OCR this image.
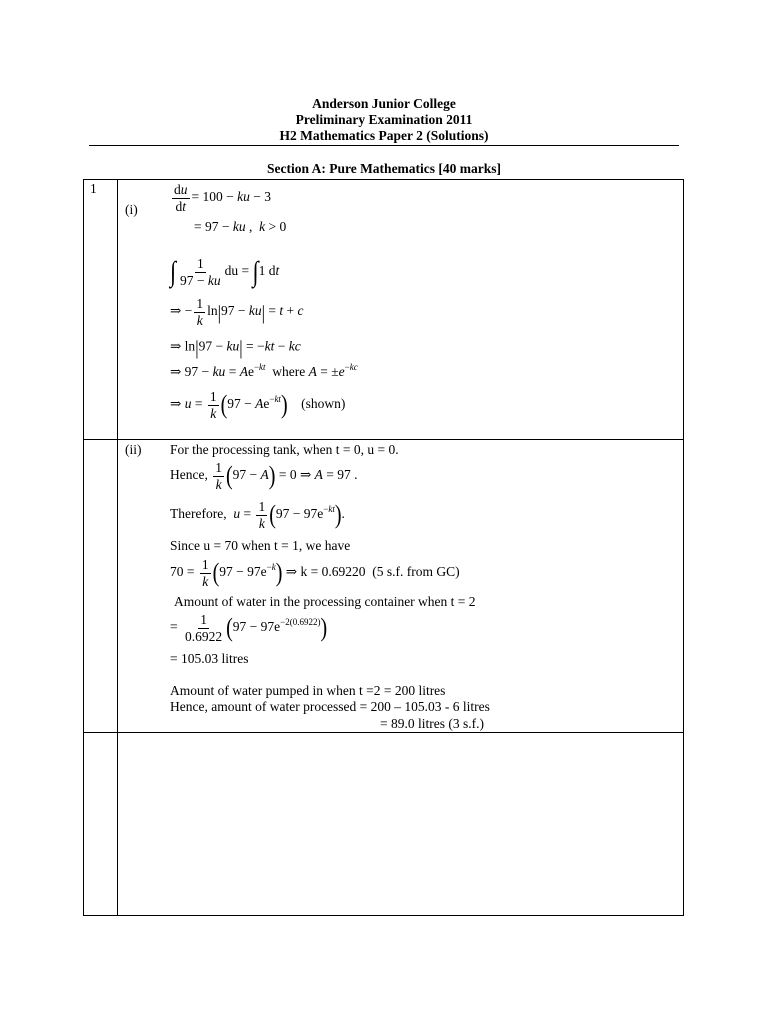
Anderson Junior College
Preliminary Examination 2011
H2 Mathematics Paper 2 (Solutions)
Section A: Pure Mathematics [40 marks]
1
(i)	$\frac{du}{dt} = 100$ − ku − 3
= 97 − ku ,  k > 0
∫ $\frac{1}{97 - ku}$ du = ∫1 dt
⇒ − $\frac{1}{k} \ln|97 - ku| = t + c$
⇒ ln|97 − ku| = −kt − kc
⇒ 97 − ku = $Ae^{-kt}$ where $A = \pm e^{-kc}$
⇒ $u = \frac{1}{k} (97 - Ae^{-kt})$ (shown)
(ii) For the processing tank, when t = 0, u = 0.
Hence, $\frac{1}{k} (97 - A) = 0$ ⇒ A = 97 .
Therefore, $u = \frac{1}{k} (97 - 97e^{-kt})$.
Since u = 70 when t = 1, we have
$70 = \frac{1}{k} (97 - 97e^{-k})$ ⇒ k = 0.69220 (5 s.f. from GC)
Amount of water in the processing container when t = 2
= $\frac{1}{0.6922} (97 - 97e^{-2(0.6922)})$
= 105.03 litres
Amount of water pumped in when t =2 = 200 litres
Hence, amount of water processed = 200 – 105.03 - 6 litres
= 89.0 litres (3 s.f.)
